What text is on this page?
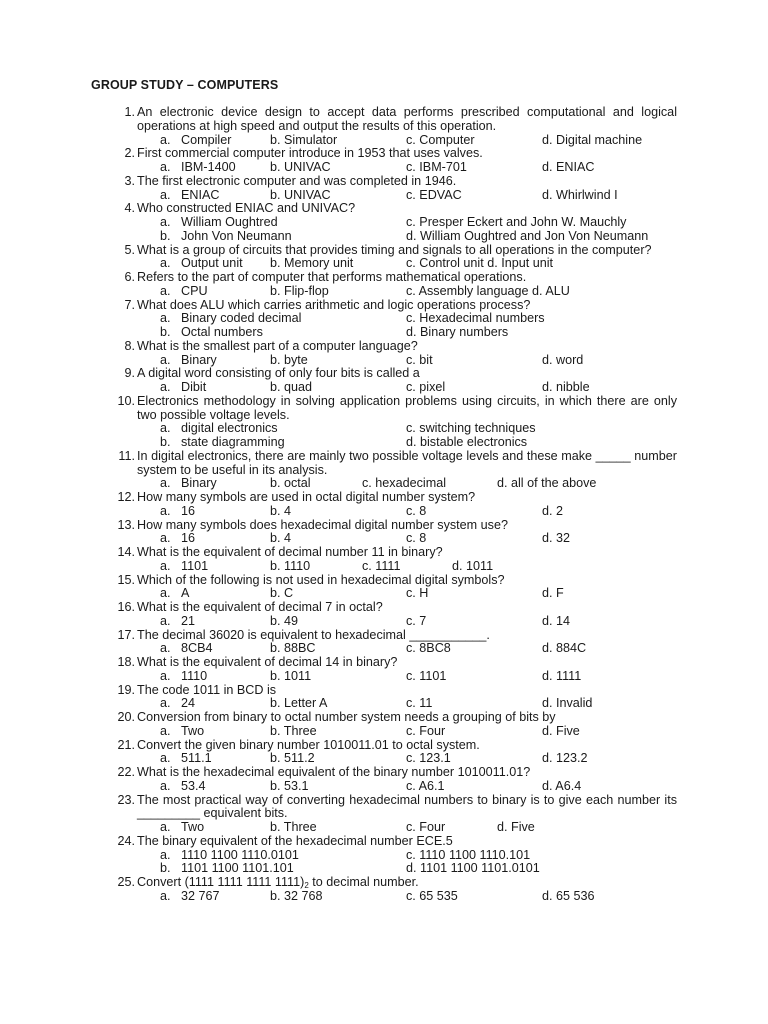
GROUP STUDY – COMPUTERS
1. An electronic device design to accept data performs prescribed computational and logical operations at high speed and output the results of this operation.
a. Compiler	b. Simulator	c. Computer	d. Digital machine
2. First commercial computer introduce in 1953 that uses valves.
a. IBM-1400	b. UNIVAC	c. IBM-701	d. ENIAC
3. The first electronic computer and was completed in 1946.
a. ENIAC	b. UNIVAC	c. EDVAC	d. Whirlwind I
4. Who constructed ENIAC and UNIVAC?
a. William Oughtred	c. Presper Eckert and John W. Mauchly
b. John Von Neumann	d. William Oughtred and Jon Von Neumann
5. What is a group of circuits that provides timing and signals to all operations in the computer?
a. Output unit b. Memory unit	c. Control unit d. Input unit
6. Refers to the part of computer that performs mathematical operations.
a. CPU	b. Flip-flop	c. Assembly language d. ALU
7. What does ALU which carries arithmetic and logic operations process?
a. Binary coded decimal	c. Hexadecimal numbers
b. Octal numbers	d. Binary numbers
8. What is the smallest part of a computer language?
a. Binary	b. byte	c. bit	d. word
9. A digital word consisting of only four bits is called a
a. Dibit	b. quad	c. pixel	d. nibble
10. Electronics methodology in solving application problems using circuits, in which there are only two possible voltage levels.
a. digital electronics	c. switching techniques
b. state diagramming	d. bistable electronics
11. In digital electronics, there are mainly two possible voltage levels and these make _____ number system to be useful in its analysis.
a. Binary	b. octal	c. hexadecimal	d. all of the above
12. How many symbols are used in octal digital number system?
a. 16	b. 4	c. 8	d. 2
13. How many symbols does hexadecimal digital number system use?
a. 16	b. 4	c. 8	d. 32
14. What is the equivalent of decimal number 11 in binary?
a. 1101	b. 1110	c. 1111	d. 1011
15. Which of the following is not used in hexadecimal digital symbols?
a. A	b. C	c. H	d. F
16. What is the equivalent of decimal 7 in octal?
a. 21	b. 49	c. 7	d. 14
17. The decimal 36020 is equivalent to hexadecimal ___________.
a. 8CB4	b. 88BC	c. 8BC8	d. 884C
18. What is the equivalent of decimal 14 in binary?
a. 1110	b. 1011	c. 1101	d. 1111
19. The code 1011 in BCD is
a. 24	b. Letter A	c. 11	d. Invalid
20. Conversion from binary to octal number system needs a grouping of bits by
a. Two	b. Three	c. Four	d. Five
21. Convert the given binary number 1010011.01 to octal system.
a. 511.1	b. 511.2	c. 123.1	d. 123.2
22. What is the hexadecimal equivalent of the binary number 1010011.01?
a. 53.4	b. 53.1	c. A6.1	d. A6.4
23. The most practical way of converting hexadecimal numbers to binary is to give each number its _________ equivalent bits.
a. Two	b. Three	c. Four	d. Five
24. The binary equivalent of the hexadecimal number ECE.5
a. 1110 1100 1110.0101	c. 1110 1100 1110.101
b. 1101 1100 1101.101	d. 1101 1100 1101.0101
25. Convert (1111 1111 1111 $1111)_2$ to decimal number.
a. 32 767	b. 32 768	c. 65 535	d. 65 536
